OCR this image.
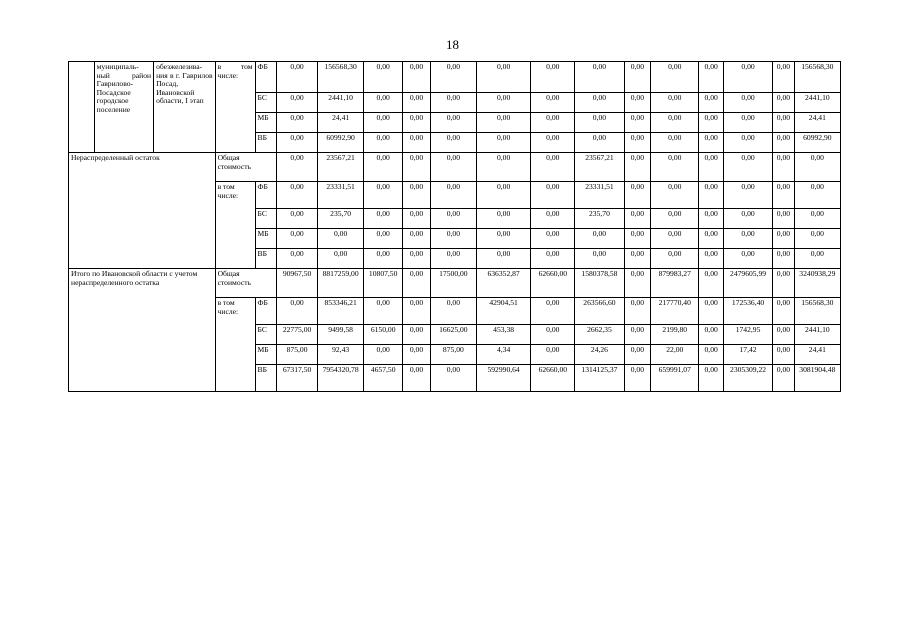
18
	муниципаль-ный район Гаврилово-Посадское городское поселение	обезжелезива-ния в г. Гаврилов Посад, Ивановской области, I этап	в том числе:	ФБ	0,00	156568,30	0,00	0,00	0,00	0,00	0,00	0,00	0,00	0,00	0,00	0,00	0,00	156568,30
				БС	0,00	2441,10	0,00	0,00	0,00	0,00	0,00	0,00	0,00	0,00	0,00	0,00	0,00	2441,10
				МБ	0,00	24,41	0,00	0,00	0,00	0,00	0,00	0,00	0,00	0,00	0,00	0,00	0,00	24,41
				ВБ	0,00	60992,90	0,00	0,00	0,00	0,00	0,00	0,00	0,00	0,00	0,00	0,00	0,00	60992,90
Нераспределенный остаток			Общая стоимость		0,00	23567,21	0,00	0,00	0,00	0,00	0,00	23567,21	0,00	0,00	0,00	0,00	0,00	0,00
			в том числе:	ФБ	0,00	23331,51	0,00	0,00	0,00	0,00	0,00	23331,51	0,00	0,00	0,00	0,00	0,00	0,00
				БС	0,00	235,70	0,00	0,00	0,00	0,00	0,00	235,70	0,00	0,00	0,00	0,00	0,00	0,00
				МБ	0,00	0,00	0,00	0,00	0,00	0,00	0,00	0,00	0,00	0,00	0,00	0,00	0,00	0,00
				ВБ	0,00	0,00	0,00	0,00	0,00	0,00	0,00	0,00	0,00	0,00	0,00	0,00	0,00	0,00
Итого по Ивановской области с учетом нераспределенного остатка			Общая стоимость		90967,50	8817259,00	10807,50	0,00	17500,00	636352,87	62660,00	1580378,58	0,00	879983,27	0,00	2479605,99	0,00	3240938,29
			в том числе:	ФБ	0,00	853346,21	0,00	0,00	0,00	42904,51	0,00	263566,60	0,00	217770,40	0,00	172536,40	0,00	156568,30
				БС	22775,00	9499,58	6150,00	0,00	16625,00	453,38	0,00	2662,35	0,00	2199,80	0,00	1742,95	0,00	2441,10
				МБ	875,00	92,43	0,00	0,00	875,00	4,34	0,00	24,26	0,00	22,00	0,00	17,42	0,00	24,41
				ВБ	67317,50	7954320,78	4657,50	0,00	0,00	592990,64	62660,00	1314125,37	0,00	659991,07	0,00	2305309,22	0,00	3081904,48
